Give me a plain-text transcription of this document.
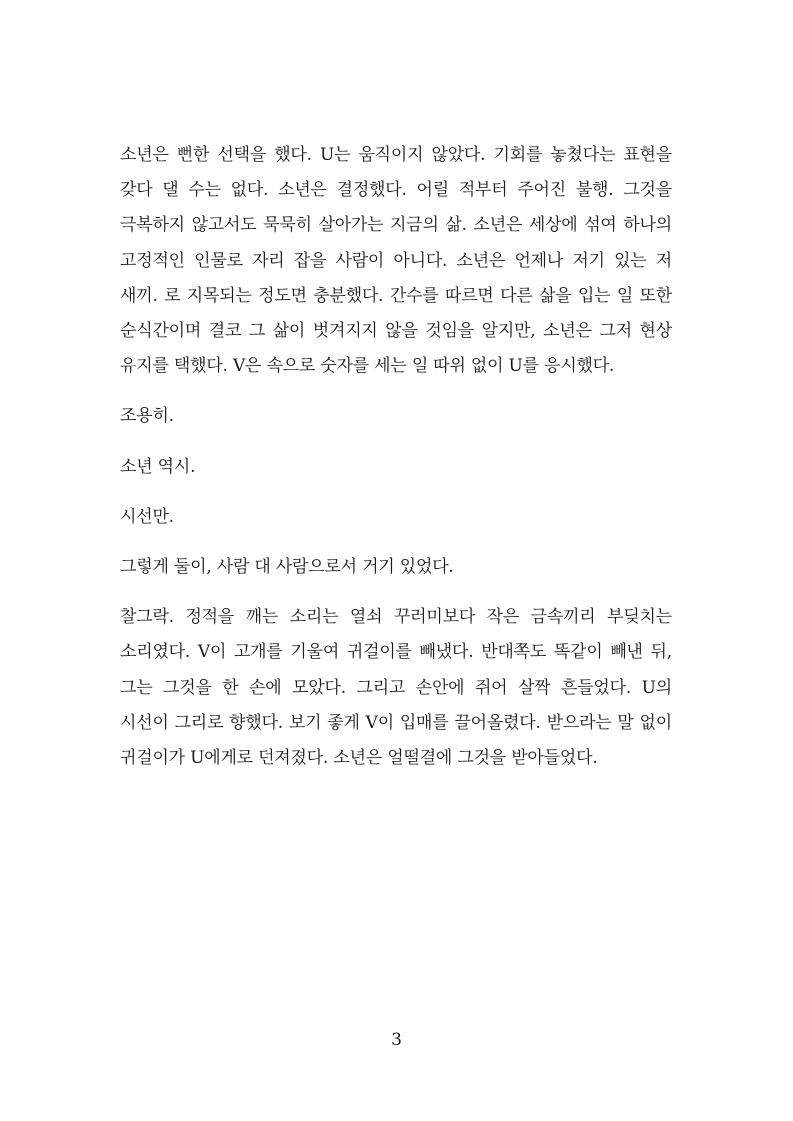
소년은 뻔한 선택을 했다. U는 움직이지 않았다. 기회를 놓쳤다는 표현을 갖다 댈 수는 없다. 소년은 결정했다. 어릴 적부터 주어진 불행. 그것을 극복하지 않고서도 묵묵히 살아가는 지금의 삶. 소년은 세상에 섞여 하나의 고정적인 인물로 자리 잡을 사람이 아니다. 소년은 언제나 저기 있는 저 새끼. 로 지목되는 정도면 충분했다. 간수를 따르면 다른 삶을 입는 일 또한 순식간이며 결코 그 삶이 벗겨지지 않을 것임을 알지만, 소년은 그저 현상 유지를 택했다. V은 속으로 숫자를 세는 일 따위 없이 U를 응시했다.

조용히.

소년 역시.

시선만.

그렇게 둘이, 사람 대 사람으로서 거기 있었다.

찰그락. 정적을 깨는 소리는 열쇠 꾸러미보다 작은 금속끼리 부딪치는 소리였다. V이 고개를 기울여 귀걸이를 빼냈다. 반대쪽도 똑같이 빼낸 뒤, 그는 그것을 한 손에 모았다. 그리고 손안에 쥐어 살짝 흔들었다. U의 시선이 그리로 향했다. 보기 좋게 V이 입매를 끌어올렸다. 받으라는 말 없이 귀걸이가 U에게로 던져졌다. 소년은 얼떨결에 그것을 받아들었다.

3
